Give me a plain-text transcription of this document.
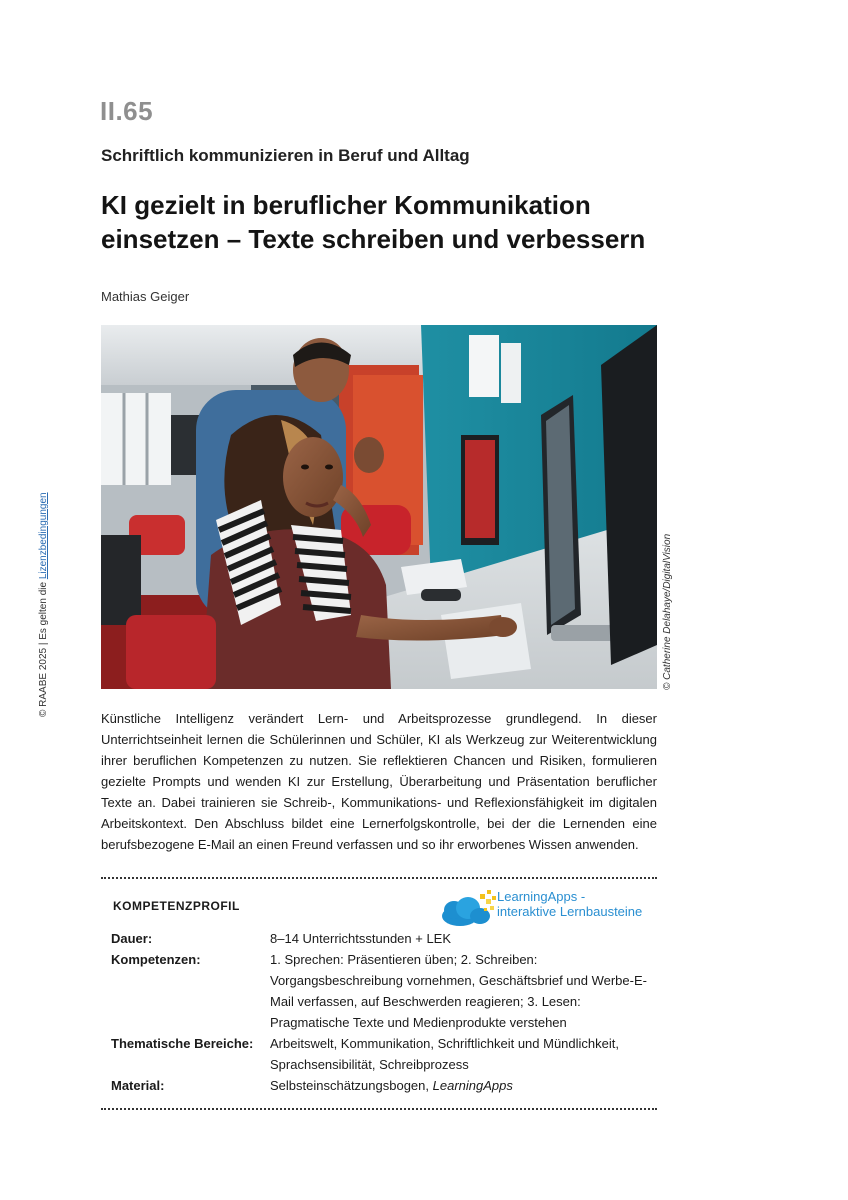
II.65
Schriftlich kommunizieren in Beruf und Alltag
KI gezielt in beruflicher Kommunikation
einsetzen – Texte schreiben und verbessern
Mathias Geiger
© Catherine Delahaye/DigitalVision
© RAABE 2025 | Es gelten die Lizenzbedingungen

Künstliche Intelligenz verändert Lern- und Arbeitsprozesse grundlegend. In dieser Unterrichtseinheit lernen die Schülerinnen und Schüler, KI als Werkzeug zur Weiterentwicklung ihrer beruflichen Kompetenzen zu nutzen. Sie reflektieren Chancen und Risiken, formulieren gezielte Prompts und wenden KI zur Erstellung, Überarbeitung und Präsentation beruflicher Texte an. Dabei trainieren sie Schreib-, Kommunikations- und Reflexionsfähigkeit im digitalen Arbeitskontext. Den Abschluss bildet eine Lernerfolgskontrolle, bei der die Lernenden eine berufsbezogene E-Mail an einen Freund verfassen und so ihr erworbenes Wissen anwenden.

KOMPETENZPROFIL
LearningApps -
interaktive Lernbausteine
Dauer:	8–14 Unterrichtsstunden + LEK
Kompetenzen:	1. Sprechen: Präsentieren üben; 2. Schreiben: Vorgangsbeschreibung vornehmen, Geschäftsbrief und Werbe-E-Mail verfassen, auf Beschwerden reagieren; 3. Lesen: Pragmatische Texte und Medienprodukte verstehen
Thematische Bereiche:	Arbeitswelt, Kommunikation, Schriftlichkeit und Mündlichkeit, Sprachsensibilität, Schreibprozess
Material:	Selbsteinschätzungsbogen, LearningApps
